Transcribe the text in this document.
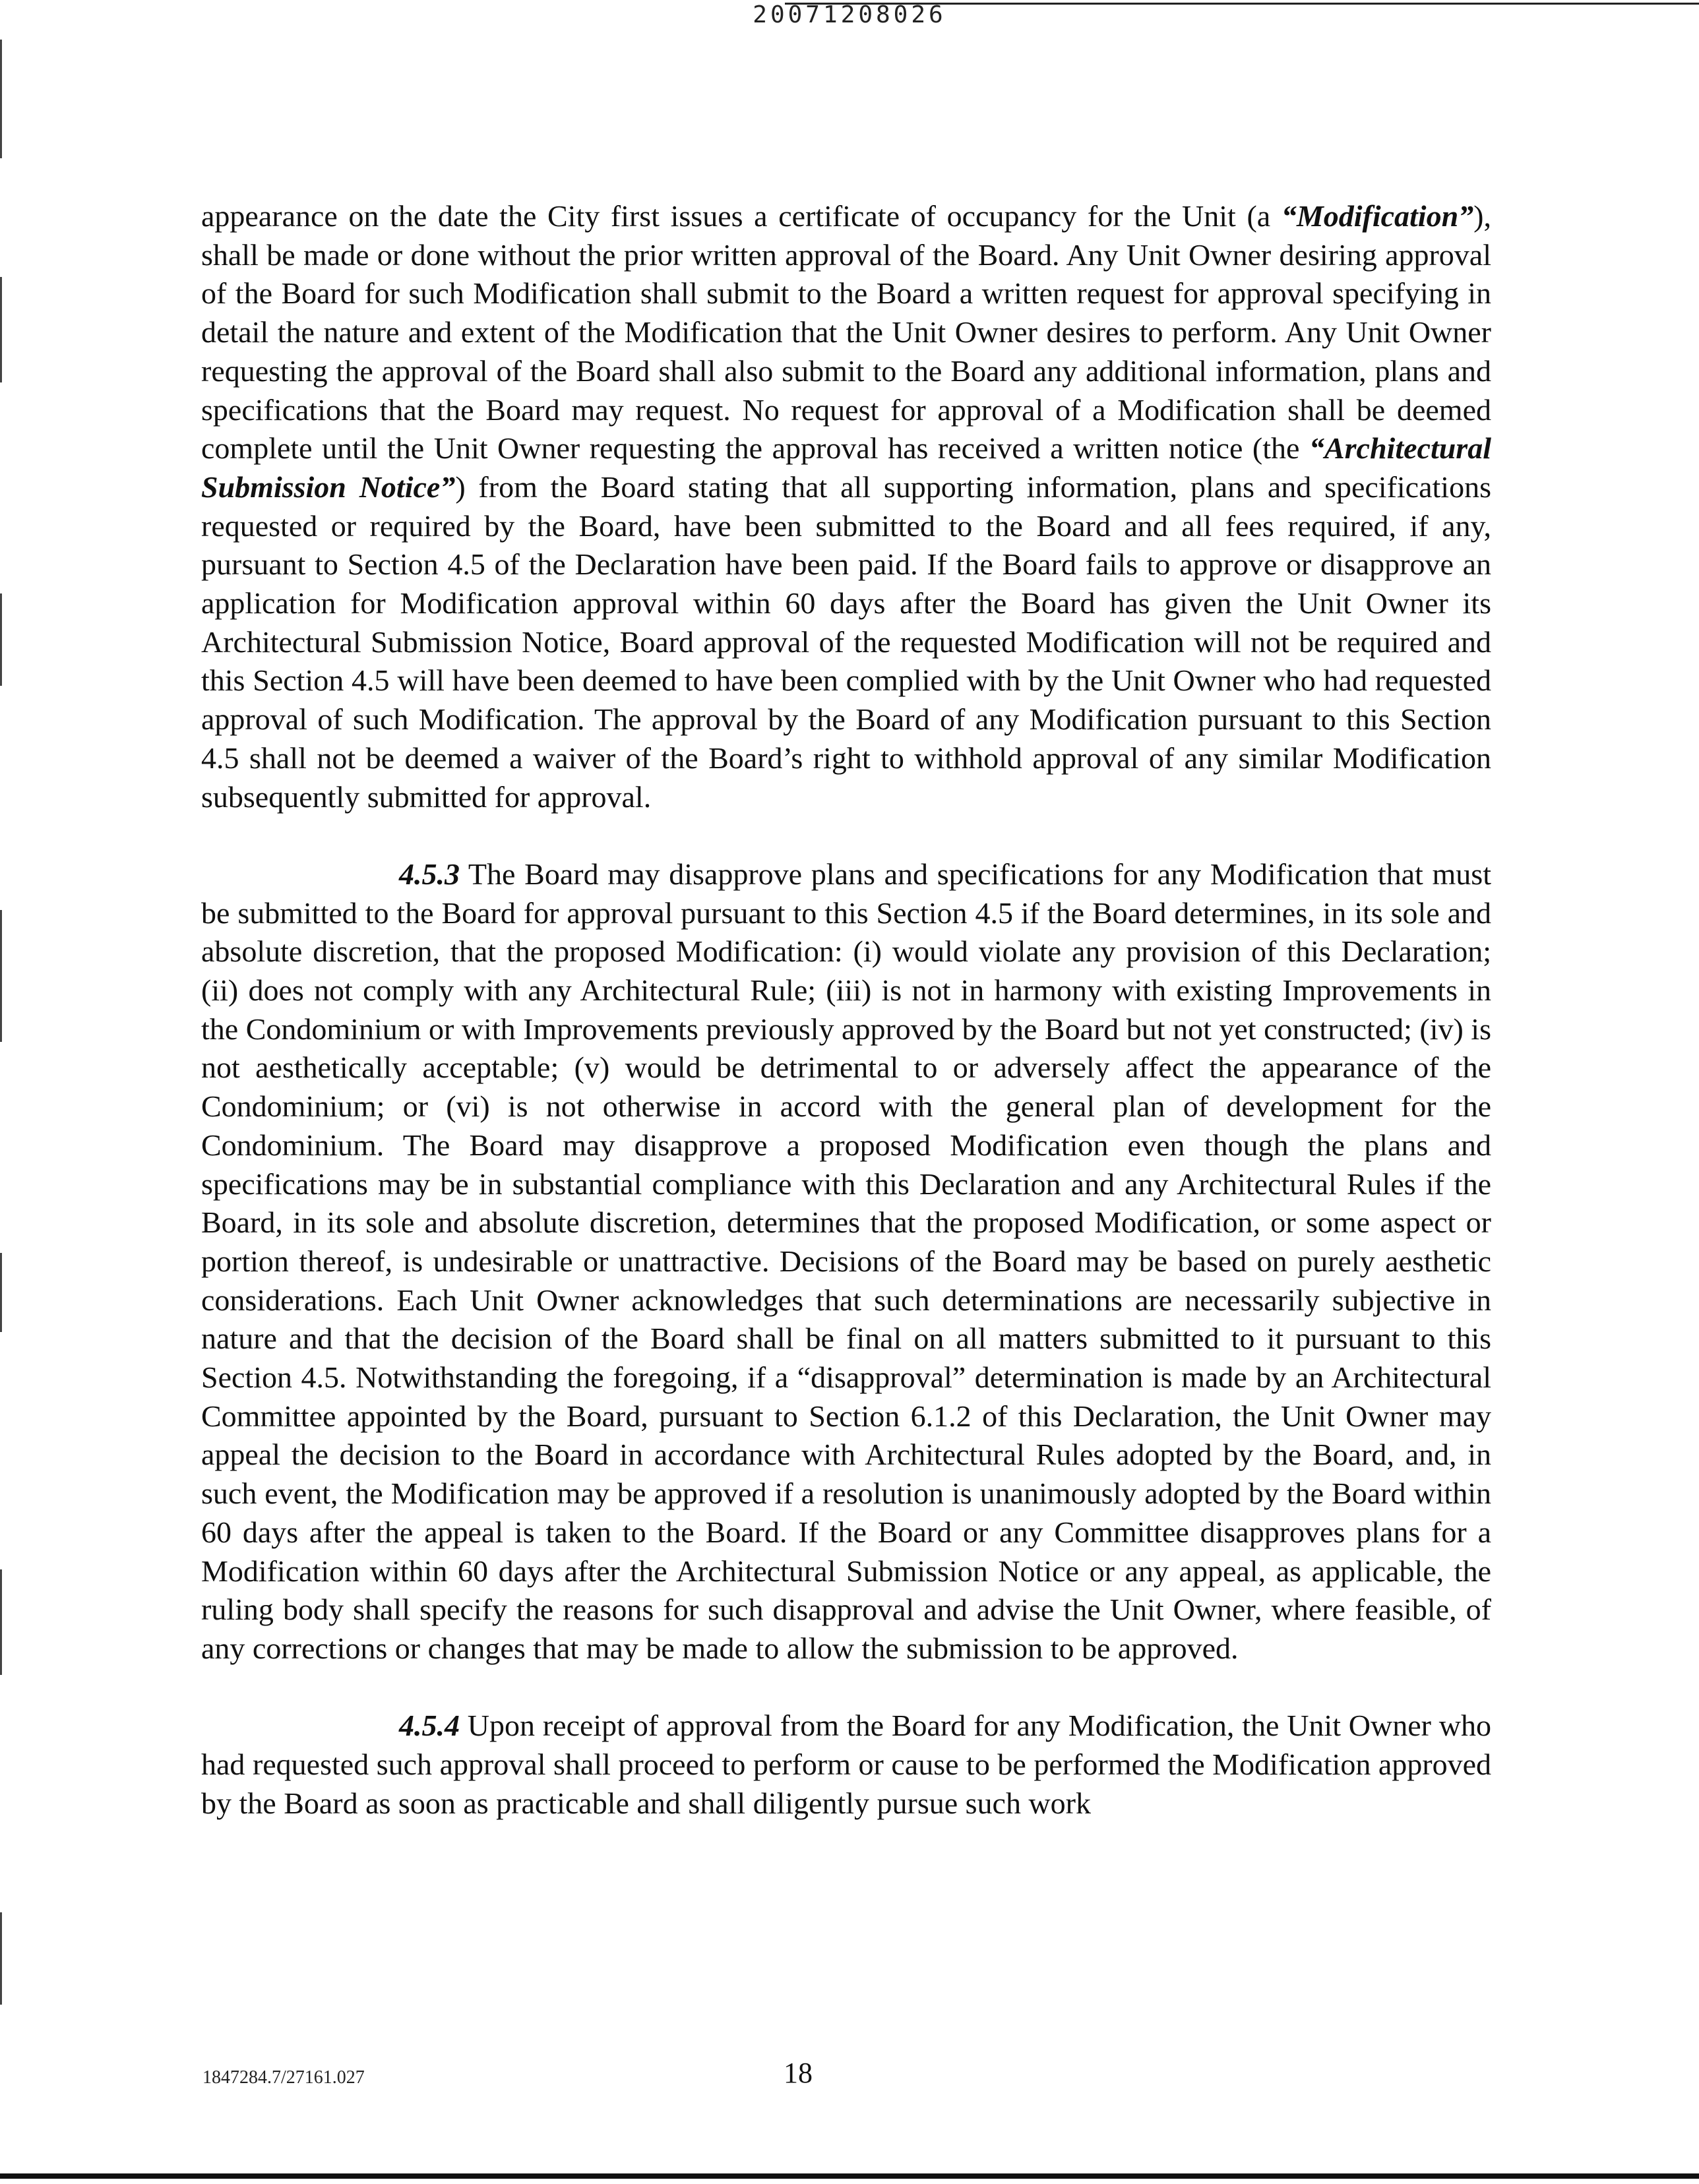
20071208026

appearance on the date the City first issues a certificate of occupancy for the Unit (a “Modification”), shall be made or done without the prior written approval of the Board. Any Unit Owner desiring approval of the Board for such Modification shall submit to the Board a written request for approval specifying in detail the nature and extent of the Modification that the Unit Owner desires to perform. Any Unit Owner requesting the approval of the Board shall also submit to the Board any additional information, plans and specifications that the Board may request. No request for approval of a Modification shall be deemed complete until the Unit Owner requesting the approval has received a written notice (the “Architectural Submission Notice”) from the Board stating that all supporting information, plans and specifications requested or required by the Board, have been submitted to the Board and all fees required, if any, pursuant to Section 4.5 of the Declaration have been paid. If the Board fails to approve or disapprove an application for Modification approval within 60 days after the Board has given the Unit Owner its Architectural Submission Notice, Board approval of the requested Modification will not be required and this Section 4.5 will have been deemed to have been complied with by the Unit Owner who had requested approval of such Modification. The approval by the Board of any Modification pursuant to this Section 4.5 shall not be deemed a waiver of the Board’s right to withhold approval of any similar Modification subsequently submitted for approval.

4.5.3 The Board may disapprove plans and specifications for any Modification that must be submitted to the Board for approval pursuant to this Section 4.5 if the Board determines, in its sole and absolute discretion, that the proposed Modification: (i) would violate any provision of this Declaration; (ii) does not comply with any Architectural Rule; (iii) is not in harmony with existing Improvements in the Condominium or with Improvements previously approved by the Board but not yet constructed; (iv) is not aesthetically acceptable; (v) would be detrimental to or adversely affect the appearance of the Condominium; or (vi) is not otherwise in accord with the general plan of development for the Condominium. The Board may disapprove a proposed Modification even though the plans and specifications may be in substantial compliance with this Declaration and any Architectural Rules if the Board, in its sole and absolute discretion, determines that the proposed Modification, or some aspect or portion thereof, is undesirable or unattractive. Decisions of the Board may be based on purely aesthetic considerations. Each Unit Owner acknowledges that such determinations are necessarily subjective in nature and that the decision of the Board shall be final on all matters submitted to it pursuant to this Section 4.5. Notwithstanding the foregoing, if a “disapproval” determination is made by an Architectural Committee appointed by the Board, pursuant to Section 6.1.2 of this Declaration, the Unit Owner may appeal the decision to the Board in accordance with Architectural Rules adopted by the Board, and, in such event, the Modification may be approved if a resolution is unanimously adopted by the Board within 60 days after the appeal is taken to the Board. If the Board or any Committee disapproves plans for a Modification within 60 days after the Architectural Submission Notice or any appeal, as applicable, the ruling body shall specify the reasons for such disapproval and advise the Unit Owner, where feasible, of any corrections or changes that may be made to allow the submission to be approved.

4.5.4 Upon receipt of approval from the Board for any Modification, the Unit Owner who had requested such approval shall proceed to perform or cause to be performed the Modification approved by the Board as soon as practicable and shall diligently pursue such work

1847284.7/27161.027	18
